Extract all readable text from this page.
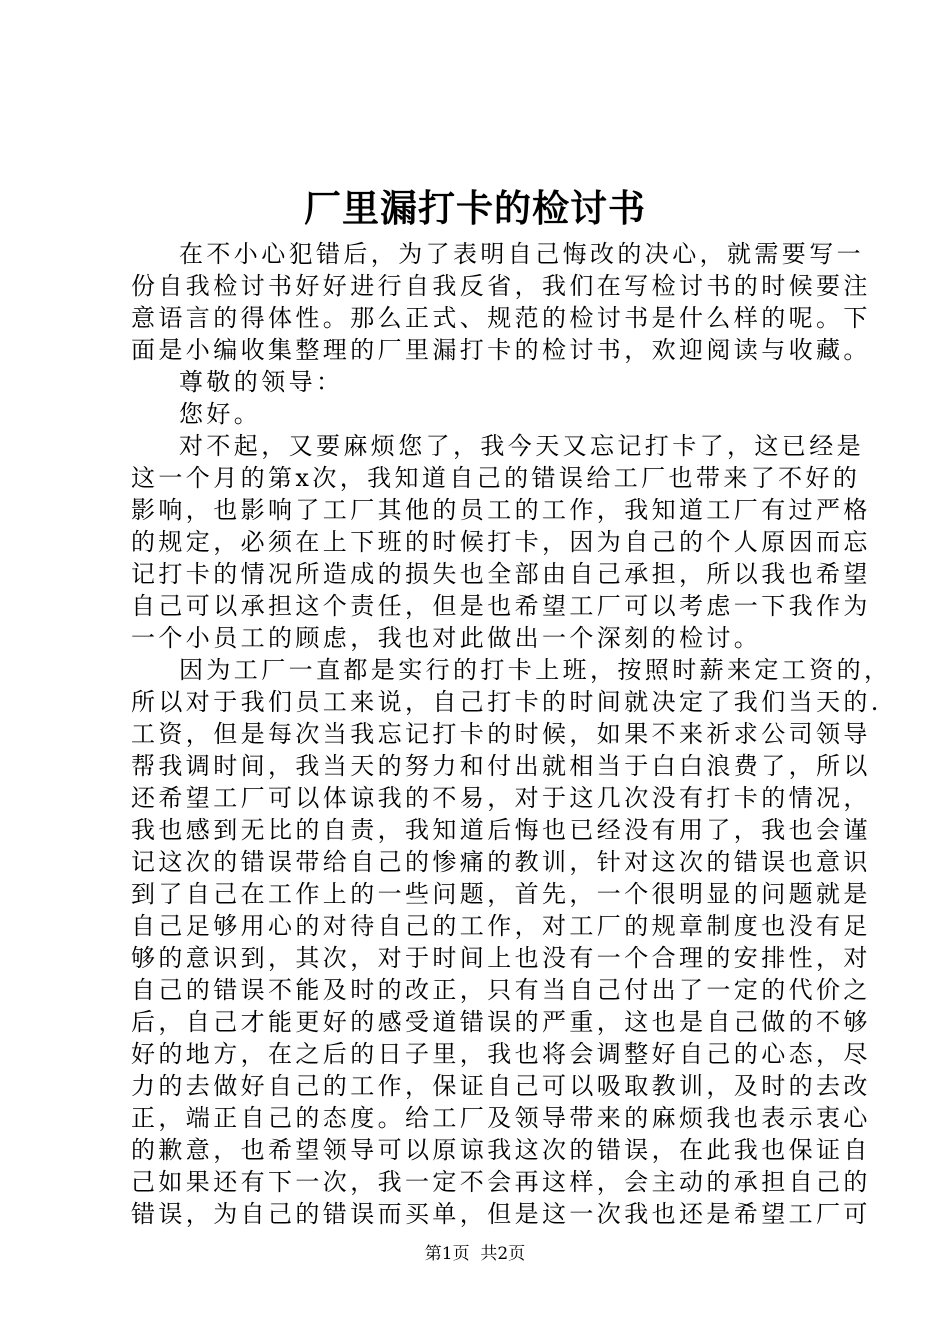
厂里漏打卡的检讨书
在不小心犯错后，为了表明自己悔改的决心，就需要写一
份自我检讨书好好进行自我反省，我们在写检讨书的时候要注
意语言的得体性。那么正式、规范的检讨书是什么样的呢。下
面是小编收集整理的厂里漏打卡的检讨书，欢迎阅读与收藏。
尊敬的领导：
您好。
对不起，又要麻烦您了，我今天又忘记打卡了，这已经是
这一个月的第x次，我知道自己的错误给工厂也带来了不好的
影响，也影响了工厂其他的员工的工作，我知道工厂有过严格
的规定，必须在上下班的时候打卡，因为自己的个人原因而忘
记打卡的情况所造成的损失也全部由自己承担，所以我也希望
自己可以承担这个责任，但是也希望工厂可以考虑一下我作为
一个小员工的顾虑，我也对此做出一个深刻的检讨。
因为工厂一直都是实行的打卡上班，按照时薪来定工资的，
所以对于我们员工来说，自己打卡的时间就决定了我们当天的.
工资，但是每次当我忘记打卡的时候，如果不来祈求公司领导
帮我调时间，我当天的努力和付出就相当于白白浪费了，所以
还希望工厂可以体谅我的不易，对于这几次没有打卡的情况，
我也感到无比的自责，我知道后悔也已经没有用了，我也会谨
记这次的错误带给自己的惨痛的教训，针对这次的错误也意识
到了自己在工作上的一些问题，首先，一个很明显的问题就是
自己足够用心的对待自己的工作，对工厂的规章制度也没有足
够的意识到，其次，对于时间上也没有一个合理的安排性，对
自己的错误不能及时的改正，只有当自己付出了一定的代价之
后，自己才能更好的感受道错误的严重，这也是自己做的不够
好的地方，在之后的日子里，我也将会调整好自己的心态，尽
力的去做好自己的工作，保证自己可以吸取教训，及时的去改
正，端正自己的态度。给工厂及领导带来的麻烦我也表示衷心
的歉意，也希望领导可以原谅我这次的错误，在此我也保证自
己如果还有下一次，我一定不会再这样，会主动的承担自己的
错误，为自己的错误而买单，但是这一次我也还是希望工厂可
第1页  共2页
